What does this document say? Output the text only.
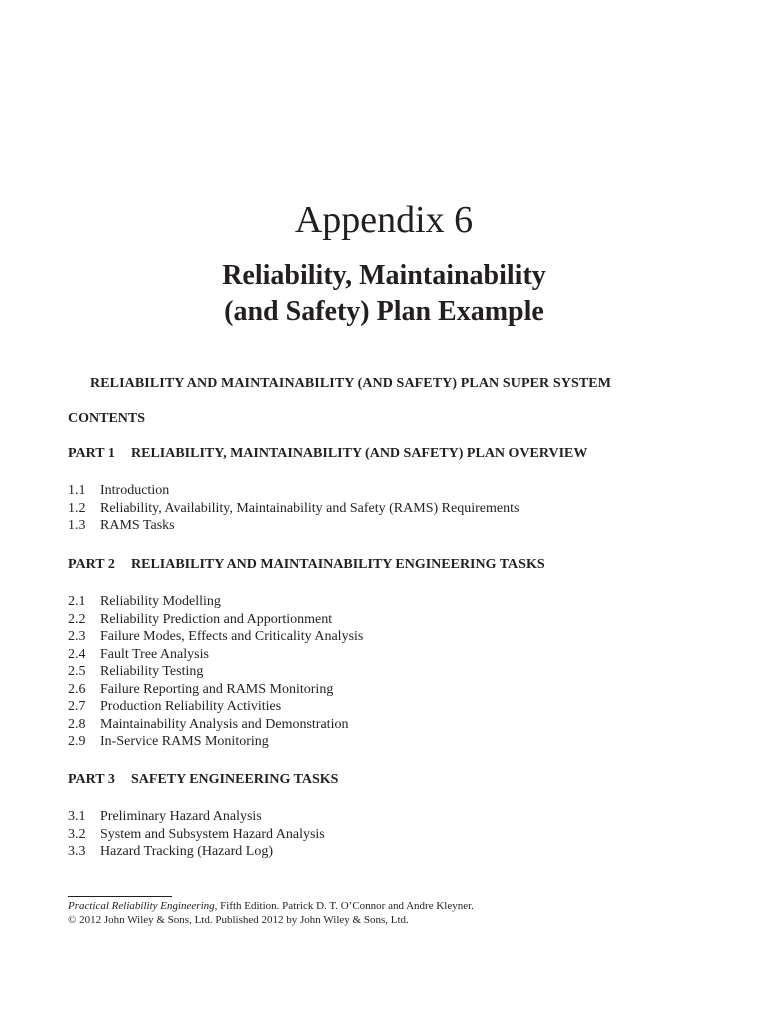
Appendix 6
Reliability, Maintainability
(and Safety) Plan Example

RELIABILITY AND MAINTAINABILITY (AND SAFETY) PLAN SUPER SYSTEM

CONTENTS

PART 1 RELIABILITY, MAINTAINABILITY (AND SAFETY) PLAN OVERVIEW

1.1 Introduction
1.2 Reliability, Availability, Maintainability and Safety (RAMS) Requirements
1.3 RAMS Tasks

PART 2 RELIABILITY AND MAINTAINABILITY ENGINEERING TASKS

2.1 Reliability Modelling
2.2 Reliability Prediction and Apportionment
2.3 Failure Modes, Effects and Criticality Analysis
2.4 Fault Tree Analysis
2.5 Reliability Testing
2.6 Failure Reporting and RAMS Monitoring
2.7 Production Reliability Activities
2.8 Maintainability Analysis and Demonstration
2.9 In-Service RAMS Monitoring

PART 3 SAFETY ENGINEERING TASKS

3.1 Preliminary Hazard Analysis
3.2 System and Subsystem Hazard Analysis
3.3 Hazard Tracking (Hazard Log)

Practical Reliability Engineering, Fifth Edition. Patrick D. T. O’Connor and Andre Kleyner.

© 2012 John Wiley & Sons, Ltd. Published 2012 by John Wiley & Sons, Ltd.
